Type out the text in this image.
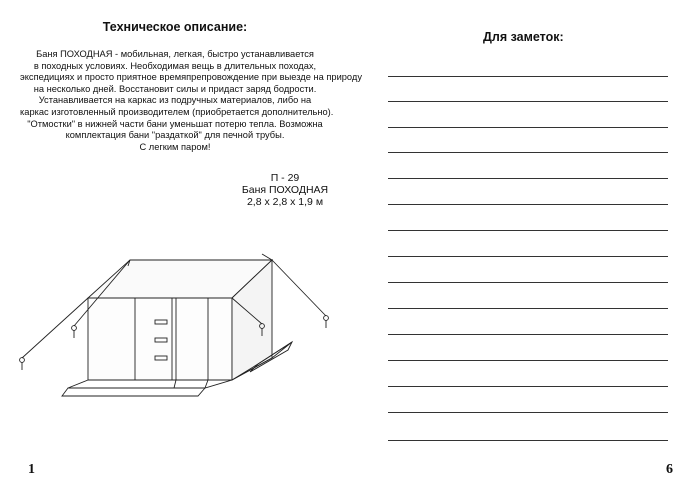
Техническое описание:

Баня ПОХОДНАЯ - мобильная, легкая, быстро устанавливается
в походных условиях. Необходимая вещь в длительных походах,
экспедициях и просто приятное времяпрепровождение при выезде на природу
на несколько дней. Восстановит силы и придаст заряд бодрости.
Устанавливается на каркас из подручных материалов, либо на
каркас изготовленный производителем (приобретается дополнительно).
"Отмостки" в нижней части бани уменьшат потерю тепла. Возможна
комплектация бани "раздаткой" для печной трубы.
С легким паром!

П - 29
Баня ПОХОДНАЯ
2,8 х 2,8 х 1,9 м
1
Для заметок:
6
